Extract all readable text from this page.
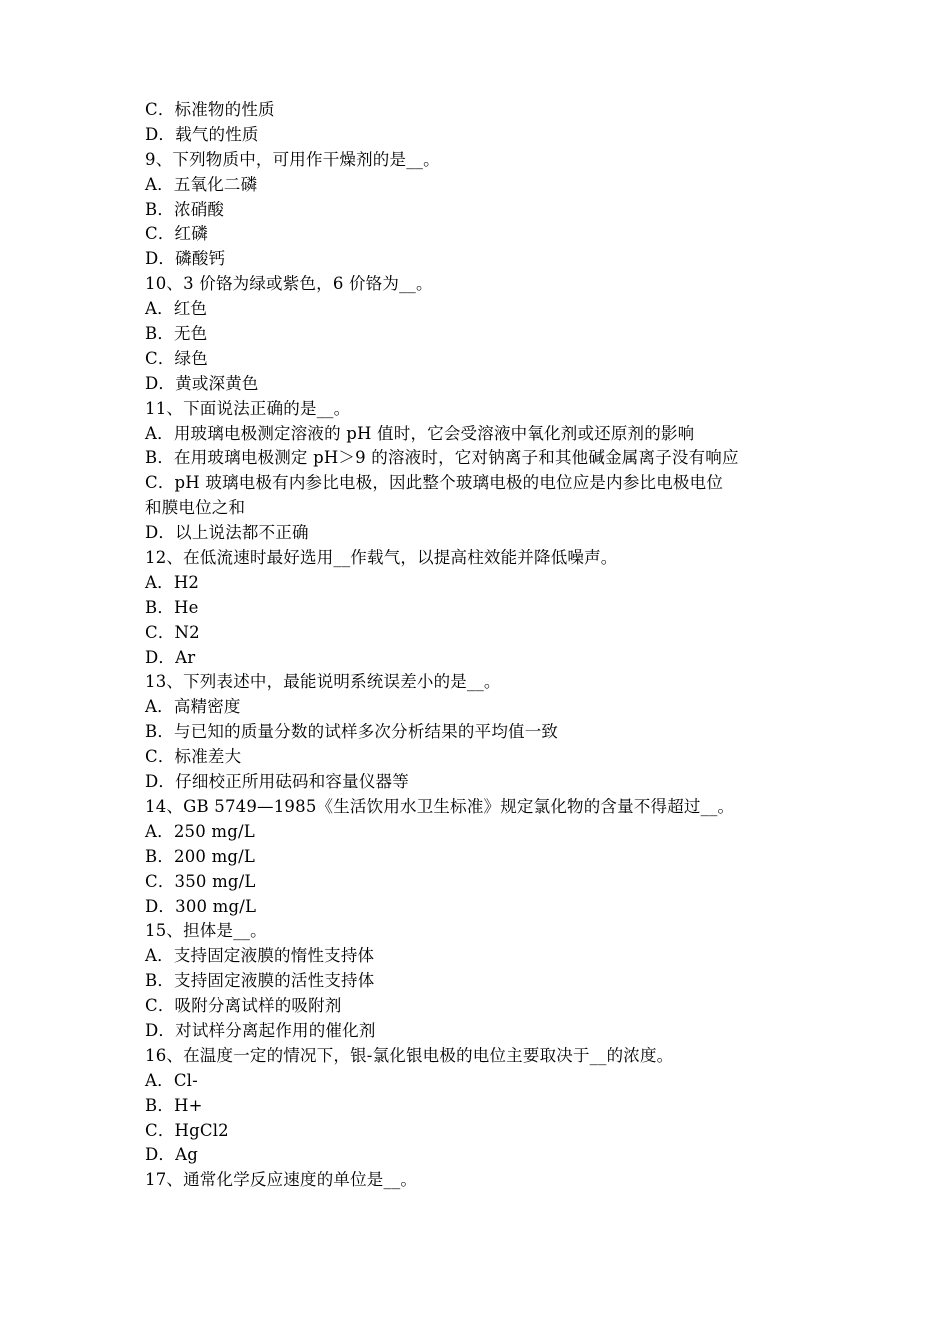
C．标准物的性质
D．载气的性质
9、下列物质中，可用作干燥剂的是__。
A．五氧化二磷
B．浓硝酸
C．红磷
D．磷酸钙
10、3 价铬为绿或紫色，6 价铬为__。
A．红色
B．无色
C．绿色
D．黄或深黄色
11、下面说法正确的是__。
A．用玻璃电极测定溶液的 pH 值时，它会受溶液中氧化剂或还原剂的影响
B．在用玻璃电极测定 pH＞9 的溶液时，它对钠离子和其他碱金属离子没有响应
C．pH 玻璃电极有内参比电极，因此整个玻璃电极的电位应是内参比电极电位
和膜电位之和
D．以上说法都不正确
12、在低流速时最好选用__作载气，以提高柱效能并降低噪声。
A．H2
B．He
C．N2
D．Ar
13、下列表述中，最能说明系统误差小的是__。
A．高精密度
B．与已知的质量分数的试样多次分析结果的平均值一致
C．标准差大
D．仔细校正所用砝码和容量仪器等
14、GB 5749—1985《生活饮用水卫生标准》规定氯化物的含量不得超过__。
A．250 mg/L
B．200 mg/L
C．350 mg/L
D．300 mg/L
15、担体是__。
A．支持固定液膜的惰性支持体
B．支持固定液膜的活性支持体
C．吸附分离试样的吸附剂
D．对试样分离起作用的催化剂
16、在温度一定的情况下，银-氯化银电极的电位主要取决于__的浓度。
A．Cl-
B．H+
C．HgCl2
D．Ag
17、通常化学反应速度的单位是__。
